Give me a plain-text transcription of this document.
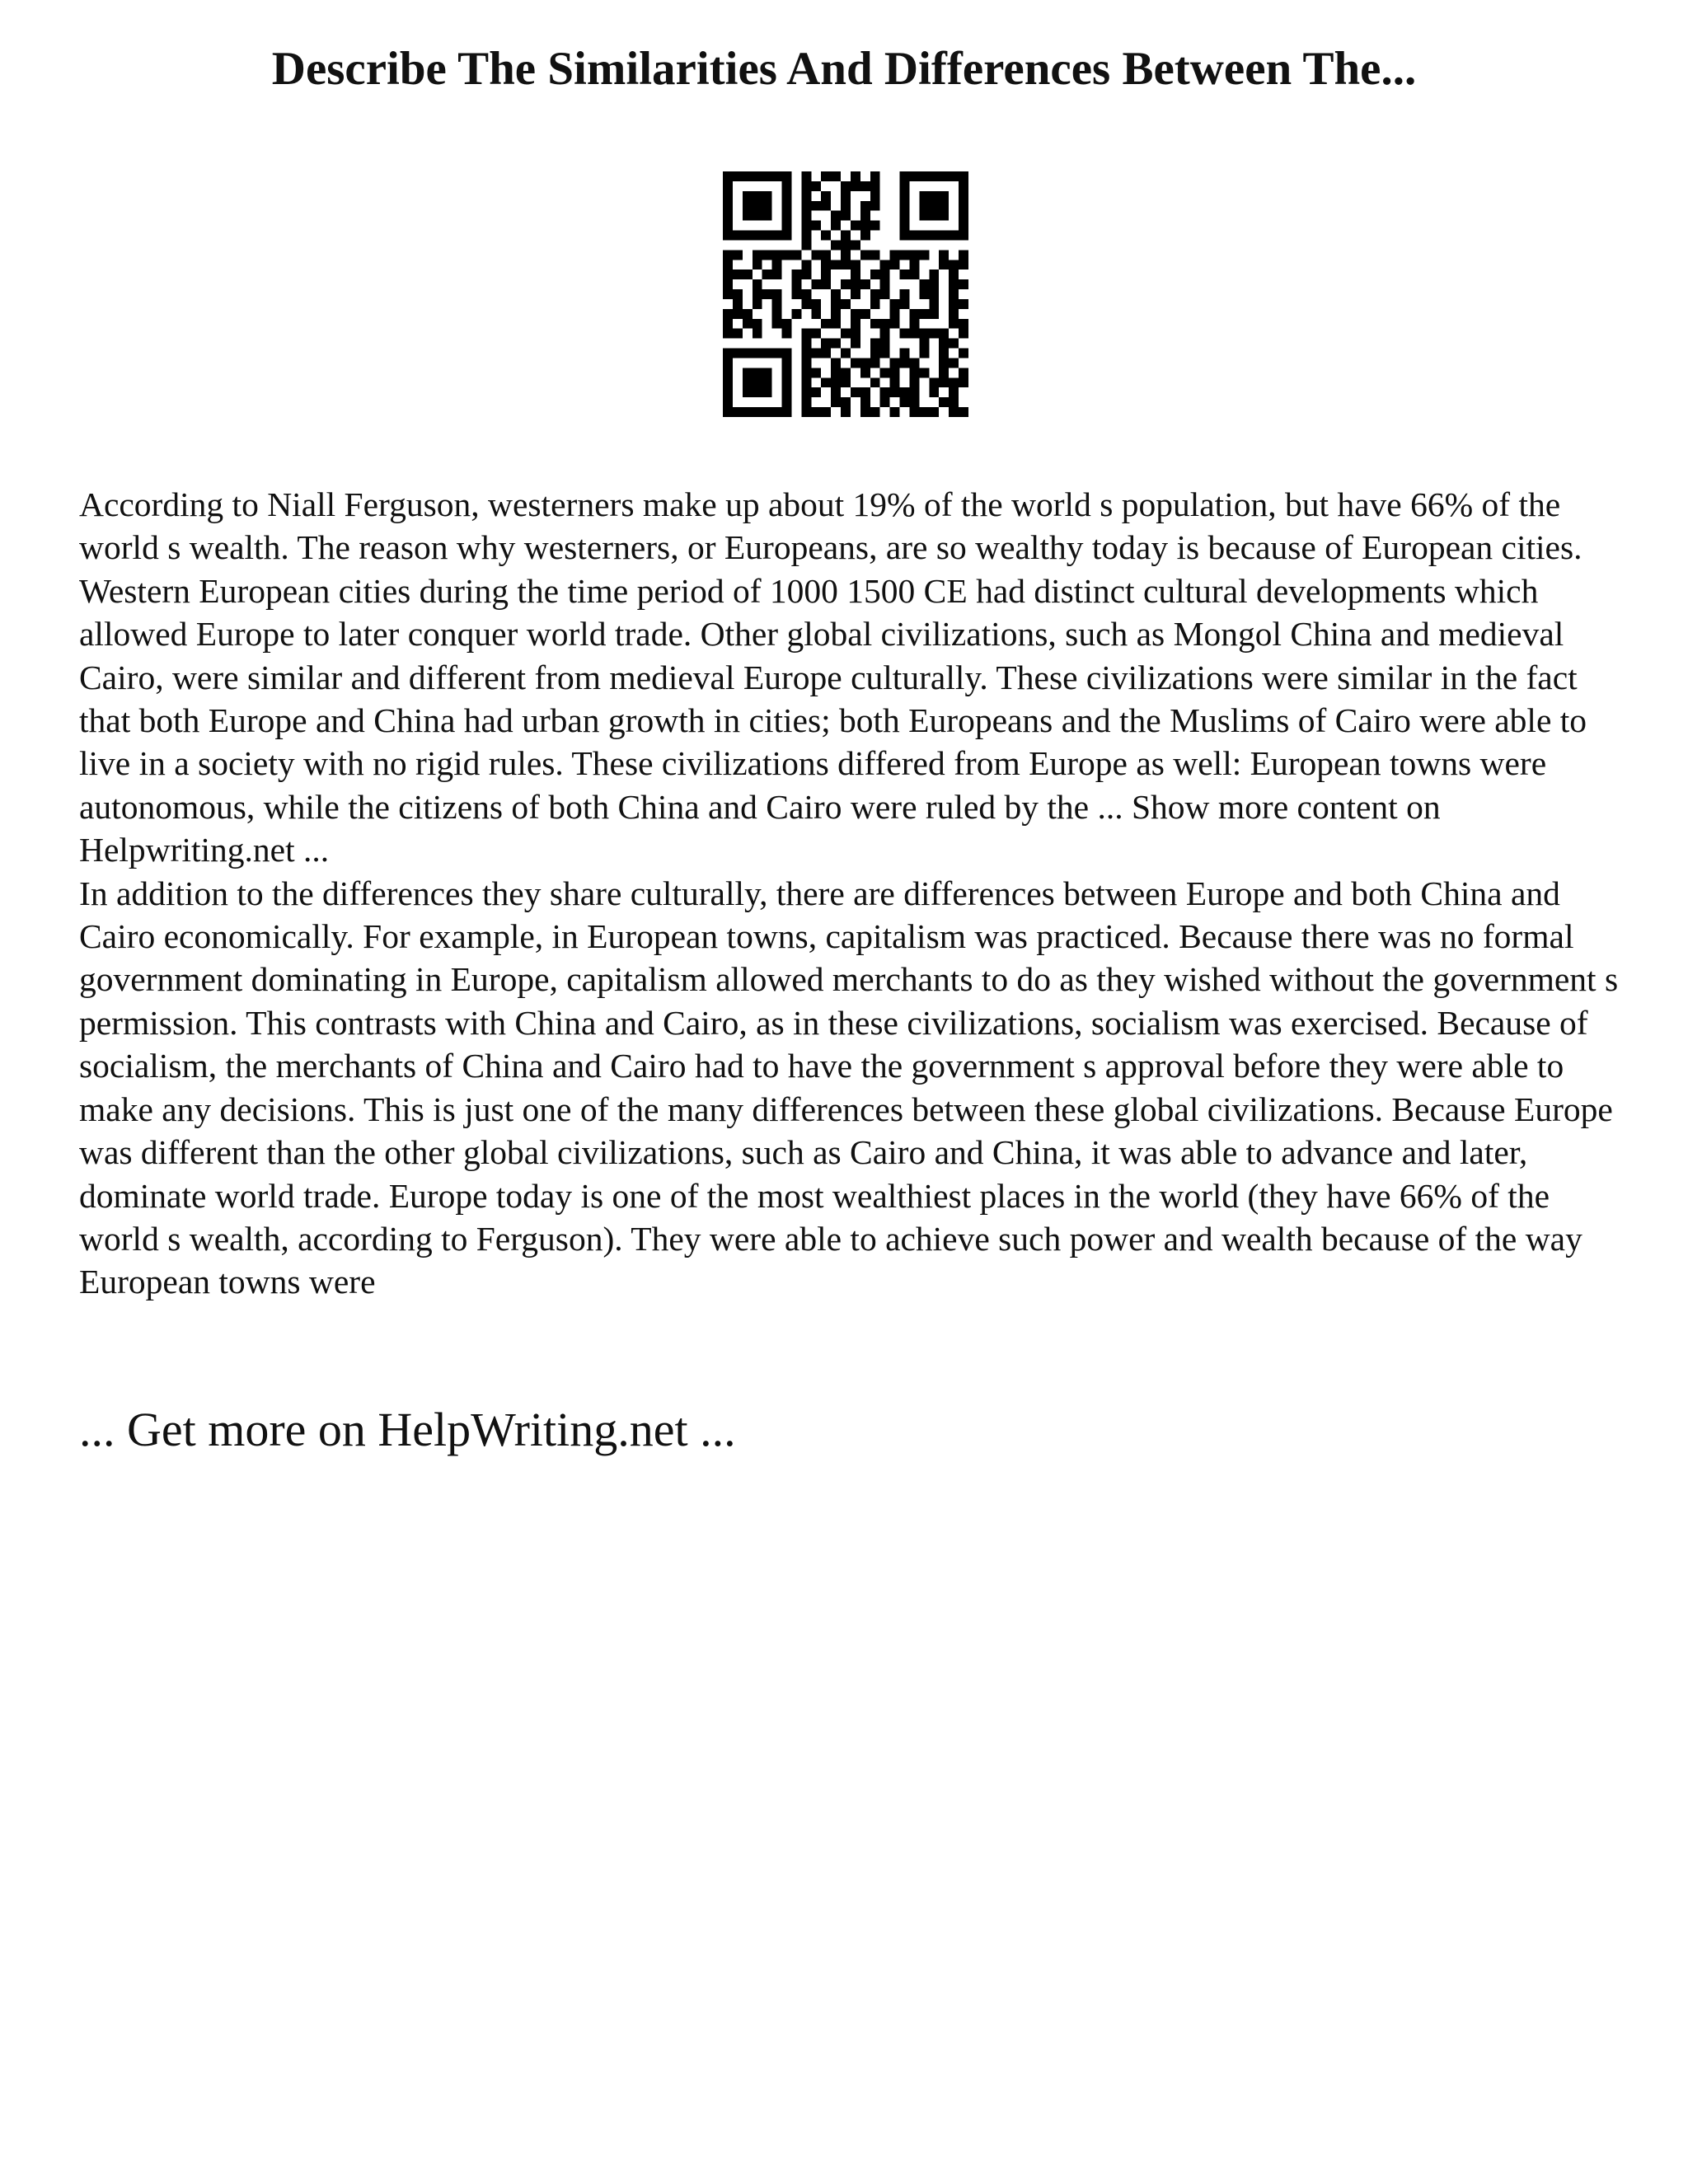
Describe The Similarities And Differences Between The...

According to Niall Ferguson, westerners make up about 19% of the world s population, but have 66% of the world s wealth. The reason why westerners, or Europeans, are so wealthy today is because of European cities. Western European cities during the time period of 1000 1500 CE had distinct cultural developments which allowed Europe to later conquer world trade. Other global civilizations, such as Mongol China and medieval Cairo, were similar and different from medieval Europe culturally. These civilizations were similar in the fact that both Europe and China had urban growth in cities; both Europeans and the Muslims of Cairo were able to live in a society with no rigid rules. These civilizations differed from Europe as well: European towns were autonomous, while the citizens of both China and Cairo were ruled by the ... Show more content on Helpwriting.net ...

In addition to the differences they share culturally, there are differences between Europe and both China and Cairo economically. For example, in European towns, capitalism was practiced. Because there was no formal government dominating in Europe, capitalism allowed merchants to do as they wished without the government s permission. This contrasts with China and Cairo, as in these civilizations, socialism was exercised. Because of socialism, the merchants of China and Cairo had to have the government s approval before they were able to make any decisions. This is just one of the many differences between these global civilizations. Because Europe was different than the other global civilizations, such as Cairo and China, it was able to advance and later, dominate world trade. Europe today is one of the most wealthiest places in the world (they have 66% of the world s wealth, according to Ferguson). They were able to achieve such power and wealth because of the way European towns were

... Get more on HelpWriting.net ...
